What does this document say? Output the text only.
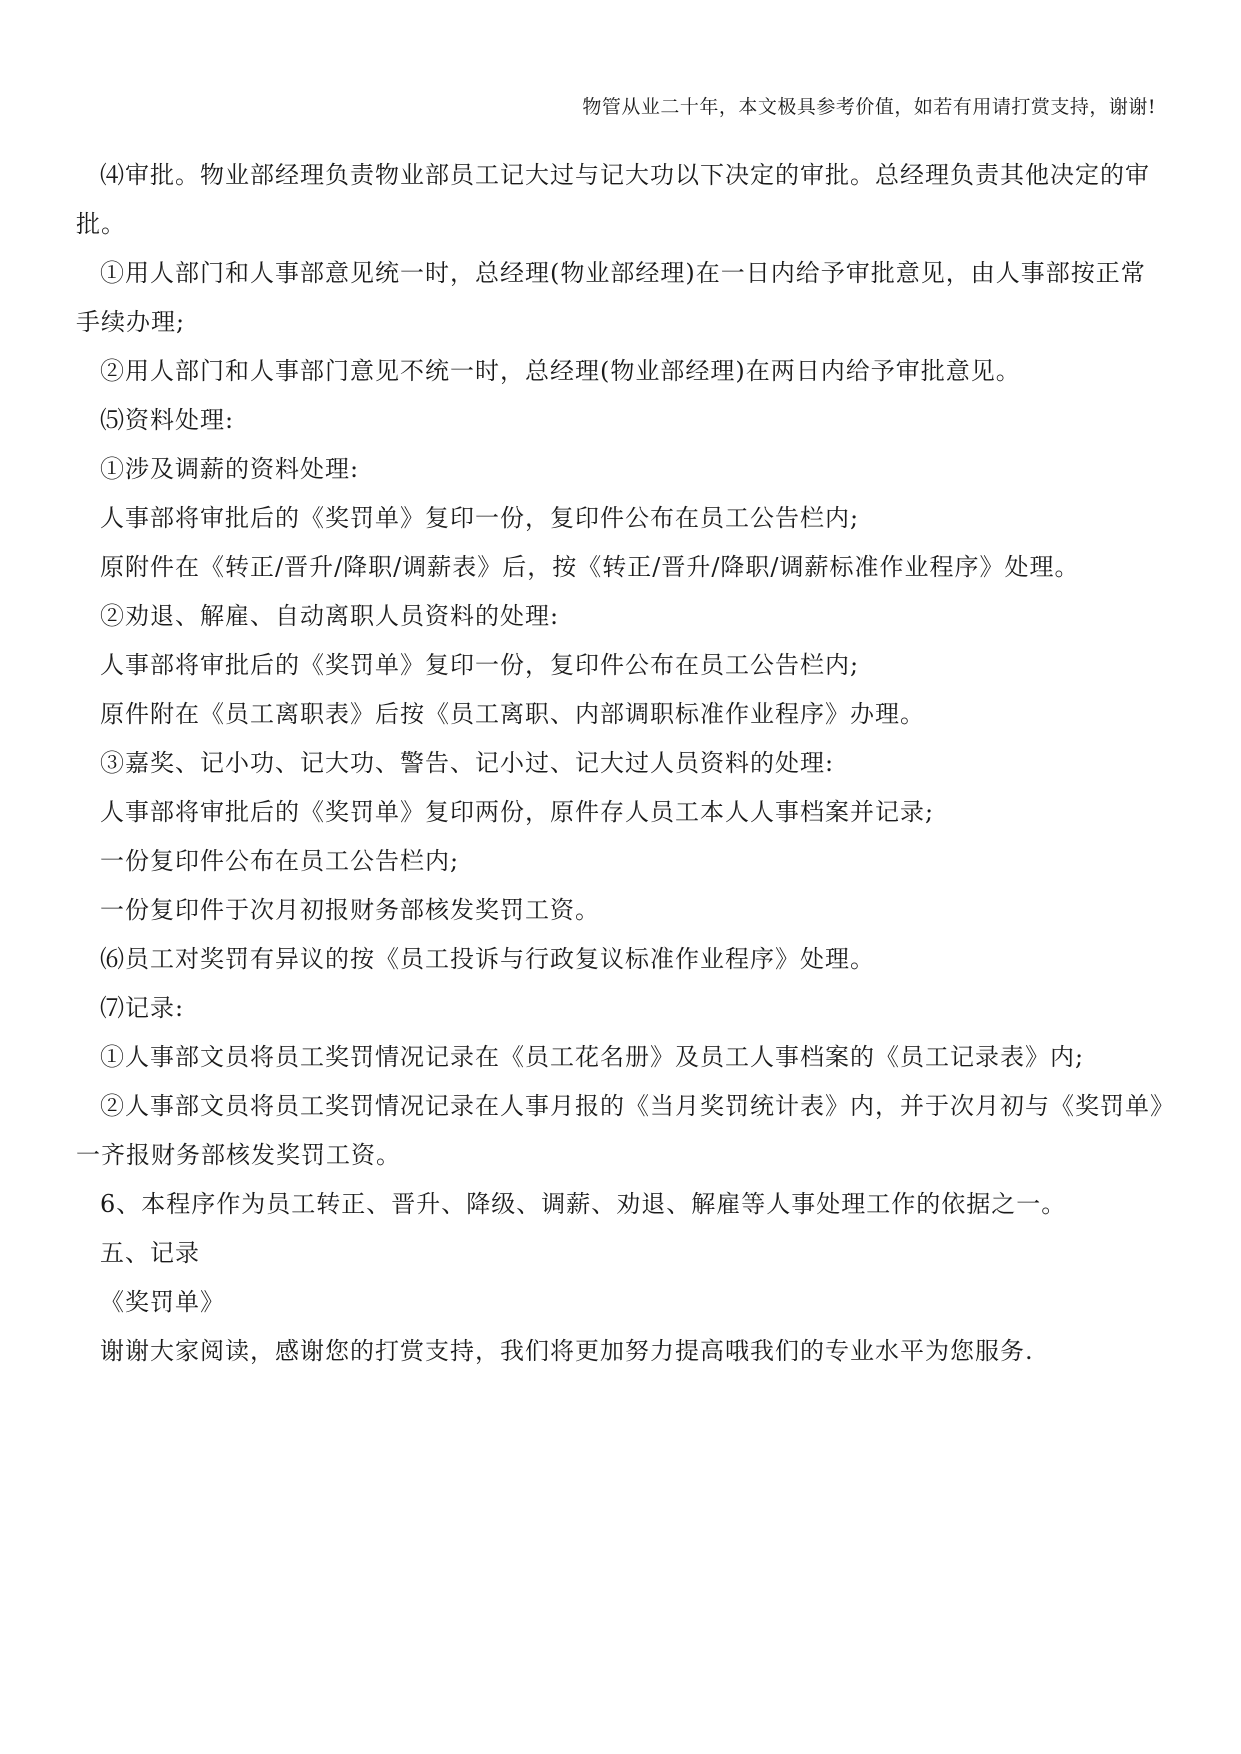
物管从业二十年，本文极具参考价值，如若有用请打赏支持，谢谢!

⑷审批。物业部经理负责物业部员工记大过与记大功以下决定的审批。总经理负责其他决定的审批。

①用人部门和人事部意见统一时，总经理(物业部经理)在一日内给予审批意见，由人事部按正常手续办理;

②用人部门和人事部门意见不统一时，总经理(物业部经理)在两日内给予审批意见。

⑸资料处理:

①涉及调薪的资料处理:

人事部将审批后的《奖罚单》复印一份，复印件公布在员工公告栏内;

原附件在《转正/晋升/降职/调薪表》后，按《转正/晋升/降职/调薪标准作业程序》处理。

②劝退、解雇、自动离职人员资料的处理:

人事部将审批后的《奖罚单》复印一份，复印件公布在员工公告栏内;

原件附在《员工离职表》后按《员工离职、内部调职标准作业程序》办理。

③嘉奖、记小功、记大功、警告、记小过、记大过人员资料的处理:

人事部将审批后的《奖罚单》复印两份，原件存人员工本人人事档案并记录;

一份复印件公布在员工公告栏内;

一份复印件于次月初报财务部核发奖罚工资。

⑹员工对奖罚有异议的按《员工投诉与行政复议标准作业程序》处理。

⑺记录:

①人事部文员将员工奖罚情况记录在《员工花名册》及员工人事档案的《员工记录表》内;

②人事部文员将员工奖罚情况记录在人事月报的《当月奖罚统计表》内，并于次月初与《奖罚单》一齐报财务部核发奖罚工资。

6、本程序作为员工转正、晋升、降级、调薪、劝退、解雇等人事处理工作的依据之一。

五、记录

《奖罚单》

谢谢大家阅读，感谢您的打赏支持，我们将更加努力提高哦我们的专业水平为您服务.
